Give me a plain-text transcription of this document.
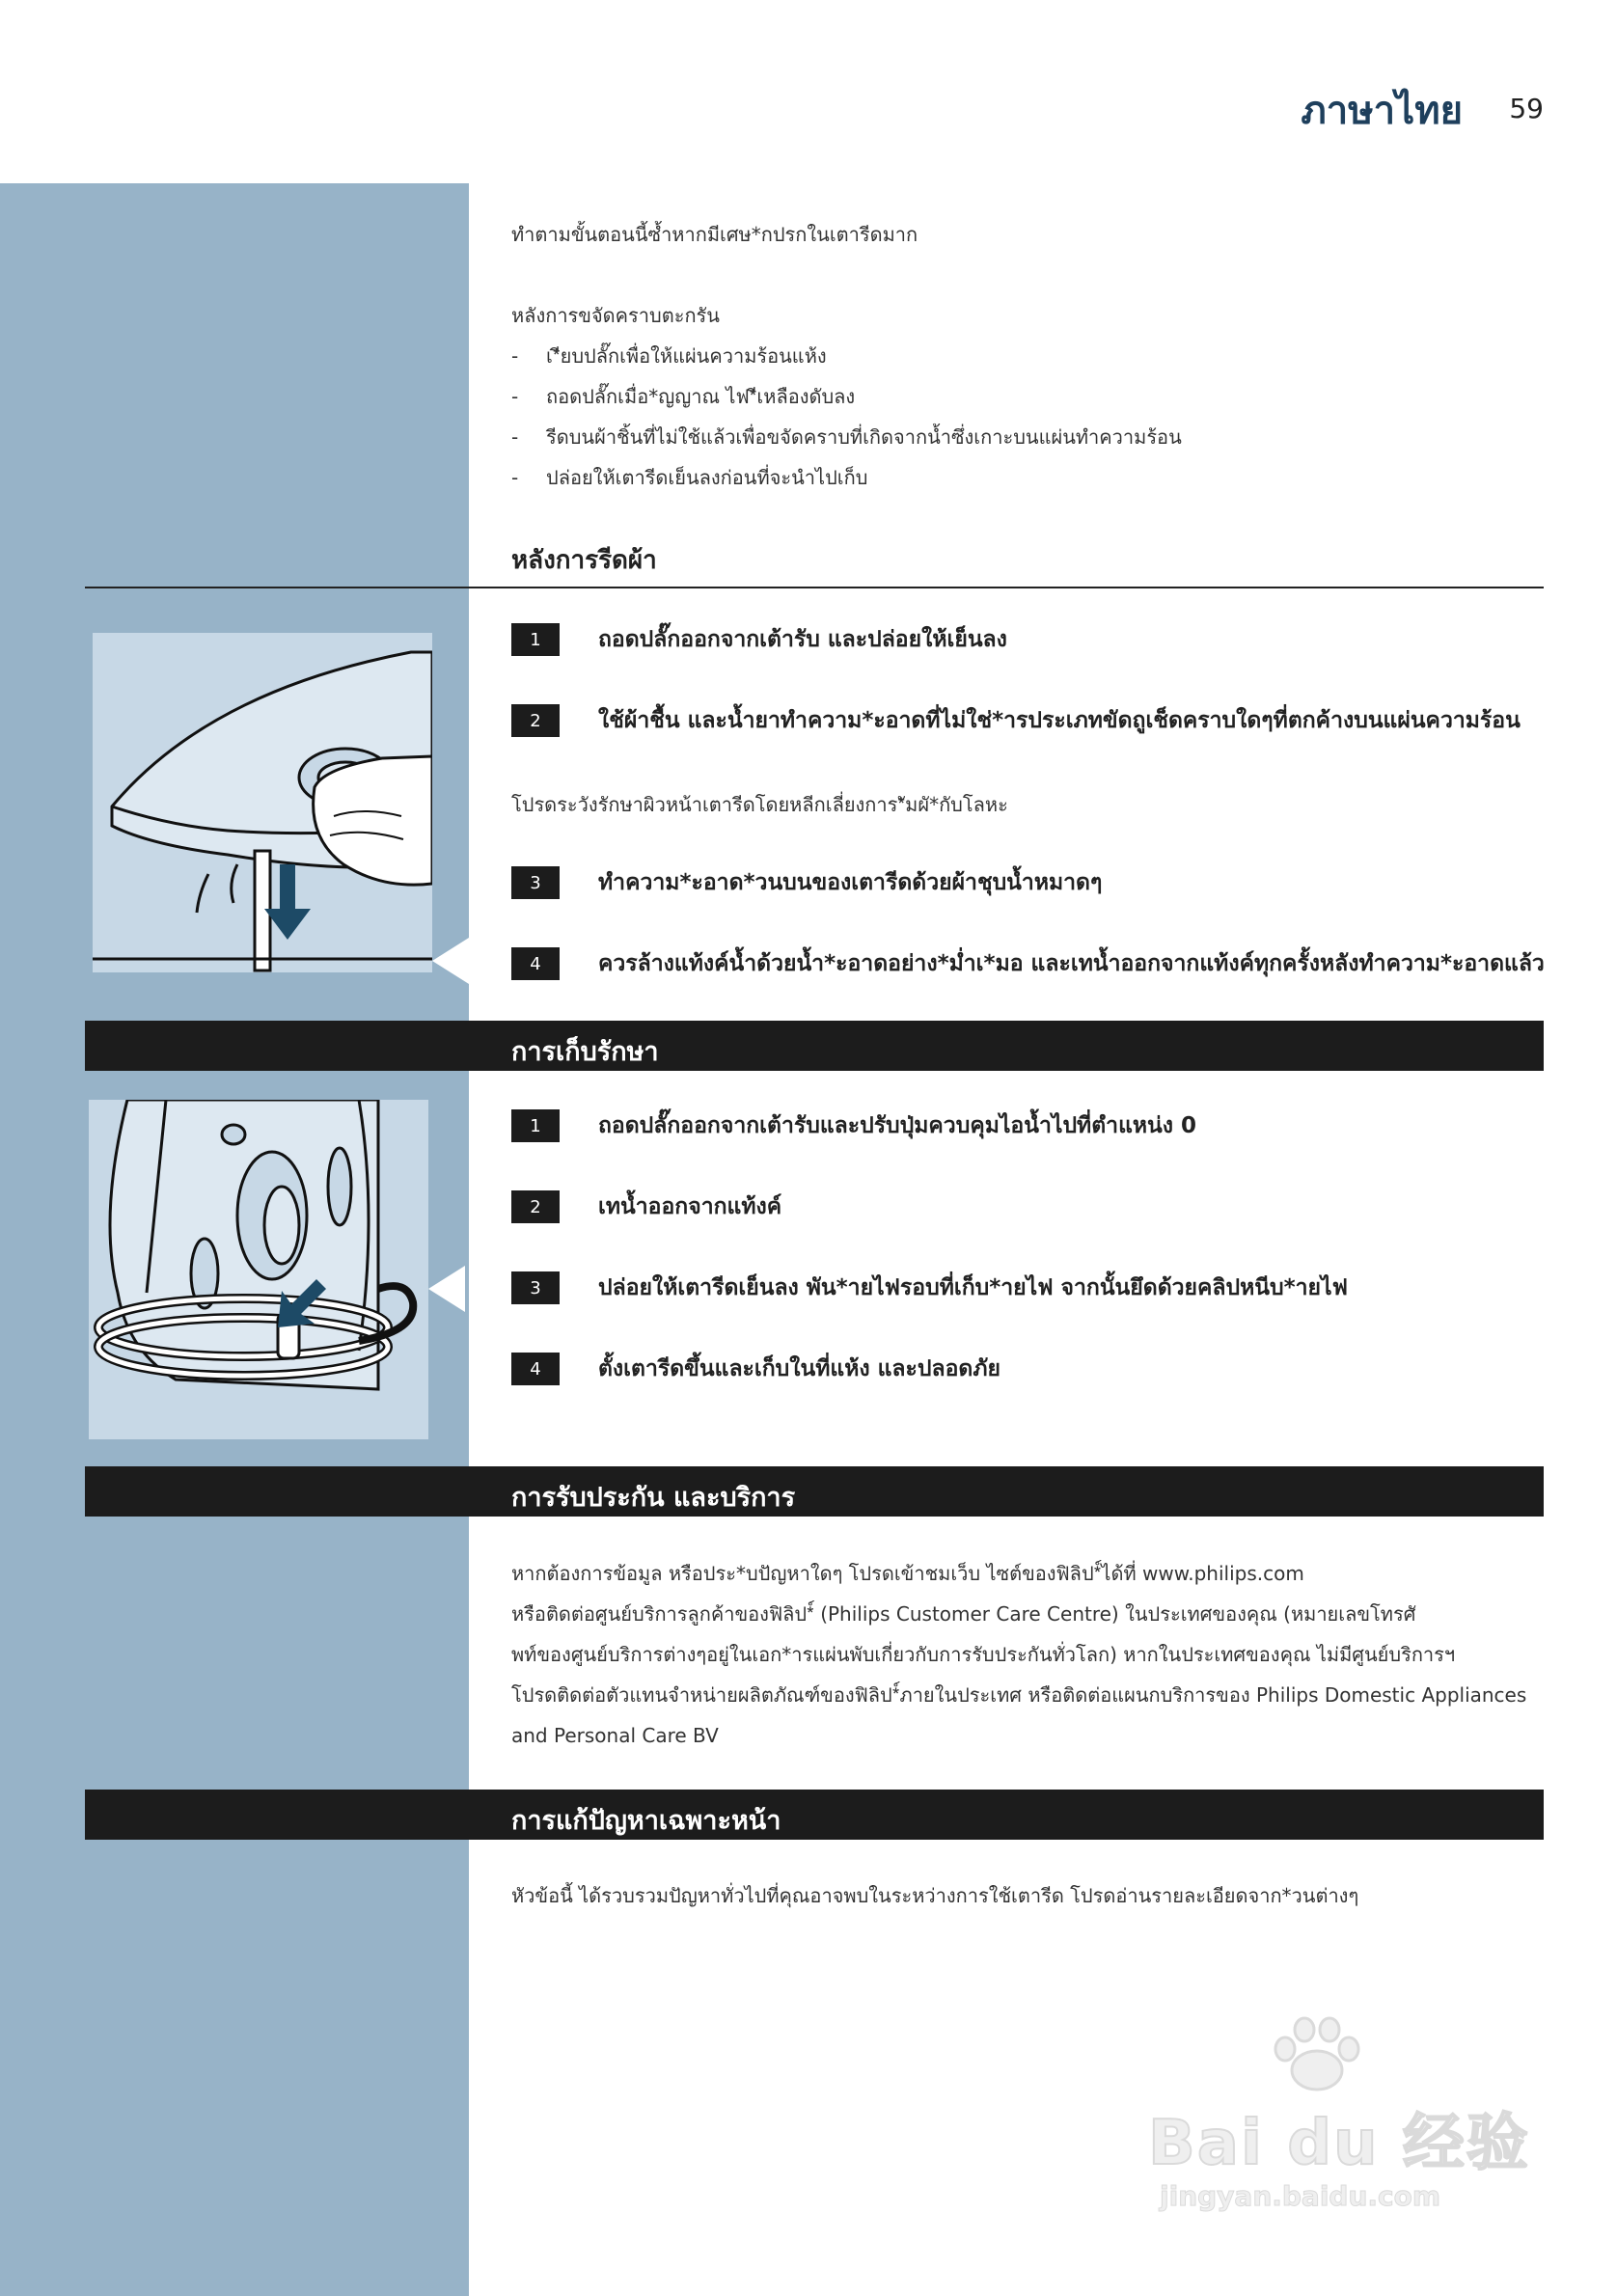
ภาษาไทย 59
ทำตามขั้นตอนนี้ซ้ำหากมีเศษ*กปรกในเตารีดมาก
หลังการขจัดคราบตะกรัน
- เ*ียบปลั๊กเพื่อให้แผ่นความร้อนแห้ง
- ถอดปลั๊กเมื่อ*ญญาณ ไฟ*ีเหลืองดับลง
- รีดบนผ้าชิ้นที่ไม่ใช้แล้วเพื่อขจัดคราบที่เกิดจากน้ำซึ่งเกาะบนแผ่นทำความร้อน
- ปล่อยให้เตารีดเย็นลงก่อนที่จะนำไปเก็บ
หลังการรีดผ้า
1	ถอดปลั๊กออกจากเต้ารับ และปล่อยให้เย็นลง
2	ใช้ผ้าชื้น และน้ำยาทำความ*ะอาดที่ไม่ใช่*ารประเภทขัดถูเช็ดคราบใดๆที่ตกค้างบนแผ่นความร้อน
โปรดระวังรักษาผิวหน้าเตารีดโดยหลีกเลี่ยงการ*ัมผั*กับโลหะ
3	ทำความ*ะอาด*วนบนของเตารีดด้วยผ้าชุบน้ำหมาดๆ
4	ควรล้างแท้งค์น้ำด้วยน้ำ*ะอาดอย่าง*ม่ำเ*มอ และเทน้ำออกจากแท้งค์ทุกครั้งหลังทำความ*ะอาดแล้ว
การเก็บรักษา
1	ถอดปลั๊กออกจากเต้ารับและปรับปุ่มควบคุมไอน้ำไปที่ตำแหน่ง 0
2	เทน้ำออกจากแท้งค์
3	ปล่อยให้เตารีดเย็นลง พัน*ายไฟรอบที่เก็บ*ายไฟ จากนั้นยึดด้วยคลิปหนีบ*ายไฟ
4	ตั้งเตารีดขึ้นและเก็บในที่แห้ง และปลอดภัย
การรับประกัน และบริการ
หากต้องการข้อมูล หรือประ*บปัญหาใดๆ โปรดเข้าชมเว็บ ไซต์ของฟิลิป*์ได้ที่ www.philips.com
หรือติดต่อศูนย์บริการลูกค้าของฟิลิป*์ (Philips Customer Care Centre) ในประเทศของคุณ (หมายเลขโทรศั
พท์ของศูนย์บริการต่างๆอยู่ในเอก*ารแผ่นพับเกี่ยวกับการรับประกันทั่วโลก) หากในประเทศของคุณ ไม่มีศูนย์บริการฯ
โปรดติดต่อตัวแทนจำหน่ายผลิตภัณฑ์ของฟิลิป*์ภายในประเทศ หรือติดต่อแผนกบริการของ Philips Domestic Appliances
and Personal Care BV
การแก้ปัญหาเฉพาะหน้า
หัวข้อนี้ ได้รวบรวมปัญหาทั่วไปที่คุณอาจพบในระหว่างการใช้เตารีด โปรดอ่านรายละเอียดจาก*วนต่างๆ
Bai du 经验
jingyan.baidu.com
